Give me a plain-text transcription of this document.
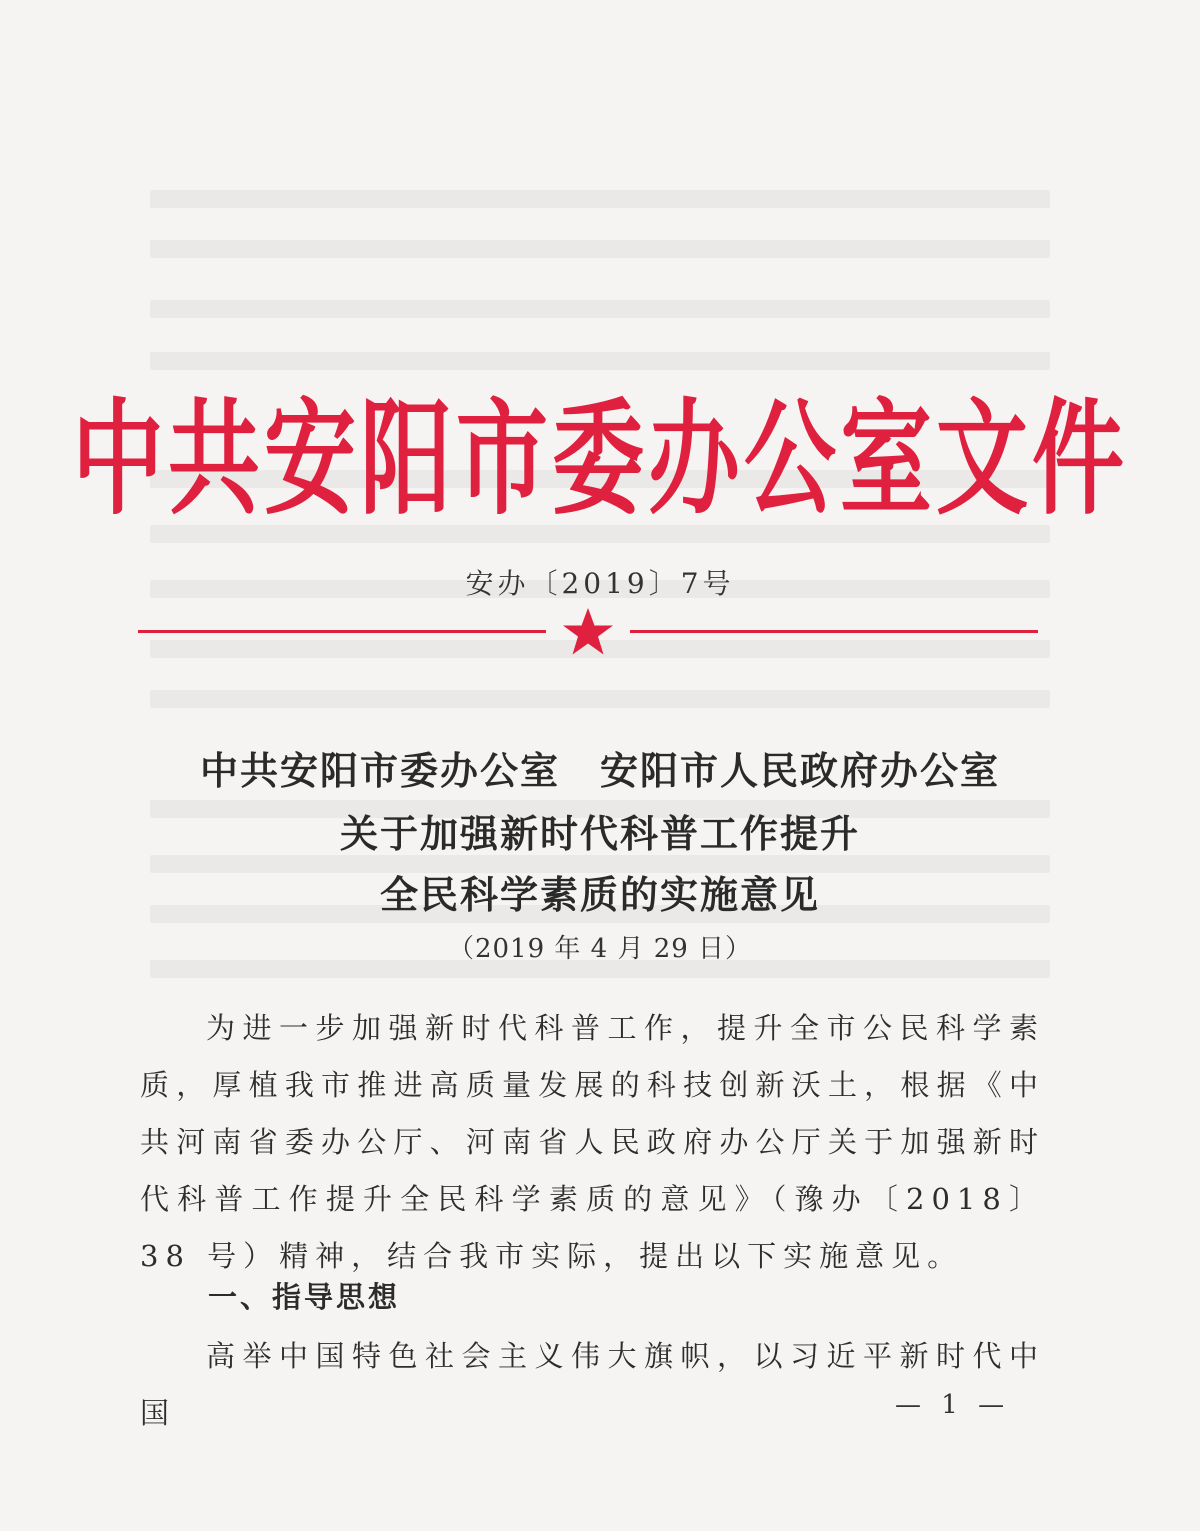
中共安阳市委办公室文件
安办〔2019〕7号
中共安阳市委办公室　安阳市人民政府办公室
关于加强新时代科普工作提升
全民科学素质的实施意见
（2019 年 4 月 29 日）
为进一步加强新时代科普工作，提升全市公民科学素质，厚植我市推进高质量发展的科技创新沃土，根据《中共河南省委办公厅、河南省人民政府办公厅关于加强新时代科普工作提升全民科学素质的意见》（豫办〔2018〕38 号）精神，结合我市实际，提出以下实施意见。
一、指导思想
高举中国特色社会主义伟大旗帜，以习近平新时代中国	— 1 —
